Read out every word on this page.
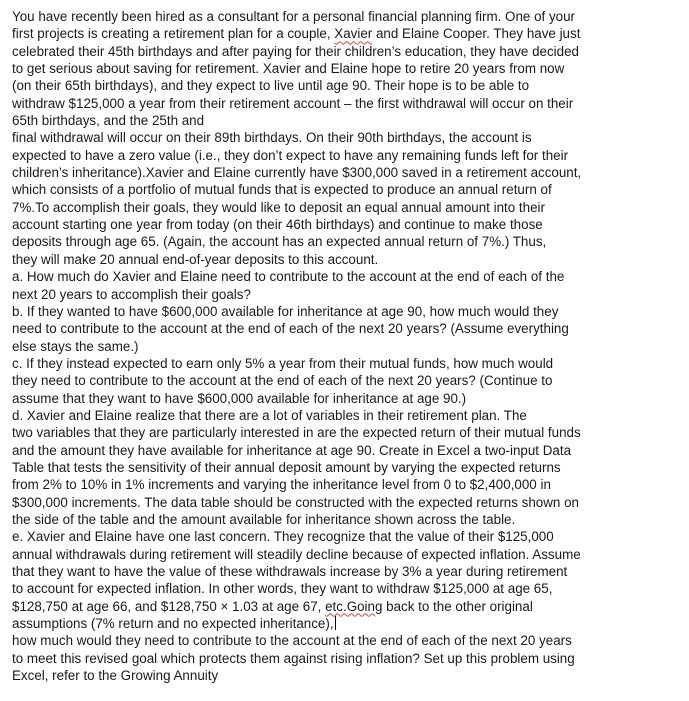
You have recently been hired as a consultant for a personal financial planning firm. One of your
first projects is creating a retirement plan for a couple, Xavier and Elaine Cooper. They have just
celebrated their 45th birthdays and after paying for their children’s education, they have decided
to get serious about saving for retirement. Xavier and Elaine hope to retire 20 years from now
(on their 65th birthdays), and they expect to live until age 90. Their hope is to be able to
withdraw $125,000 a year from their retirement account – the first withdrawal will occur on their
65th birthdays, and the 25th and
final withdrawal will occur on their 89th birthdays. On their 90th birthdays, the account is
expected to have a zero value (i.e., they don’t expect to have any remaining funds left for their
children’s inheritance).Xavier and Elaine currently have $300,000 saved in a retirement account,
which consists of a portfolio of mutual funds that is expected to produce an annual return of
7%.To accomplish their goals, they would like to deposit an equal annual amount into their
account starting one year from today (on their 46th birthdays) and continue to make those
deposits through age 65. (Again, the account has an expected annual return of 7%.) Thus,
they will make 20 annual end-of-year deposits to this account.
a. How much do Xavier and Elaine need to contribute to the account at the end of each of the
next 20 years to accomplish their goals?
b. If they wanted to have $600,000 available for inheritance at age 90, how much would they
need to contribute to the account at the end of each of the next 20 years? (Assume everything
else stays the same.)
c. If they instead expected to earn only 5% a year from their mutual funds, how much would
they need to contribute to the account at the end of each of the next 20 years? (Continue to
assume that they want to have $600,000 available for inheritance at age 90.)
d. Xavier and Elaine realize that there are a lot of variables in their retirement plan. The
two variables that they are particularly interested in are the expected return of their mutual funds
and the amount they have available for inheritance at age 90. Create in Excel a two-input Data
Table that tests the sensitivity of their annual deposit amount by varying the expected returns
from 2% to 10% in 1% increments and varying the inheritance level from 0 to $2,400,000 in
$300,000 increments. The data table should be constructed with the expected returns shown on
the side of the table and the amount available for inheritance shown across the table.
e. Xavier and Elaine have one last concern. They recognize that the value of their $125,000
annual withdrawals during retirement will steadily decline because of expected inflation. Assume
that they want to have the value of these withdrawals increase by 3% a year during retirement
to account for expected inflation. In other words, they want to withdraw $125,000 at age 65,
$128,750 at age 66, and $128,750 × 1.03 at age 67, etc.Going back to the other original
assumptions (7% return and no expected inheritance),
how much would they need to contribute to the account at the end of each of the next 20 years
to meet this revised goal which protects them against rising inflation? Set up this problem using
Excel, refer to the Growing Annuity
